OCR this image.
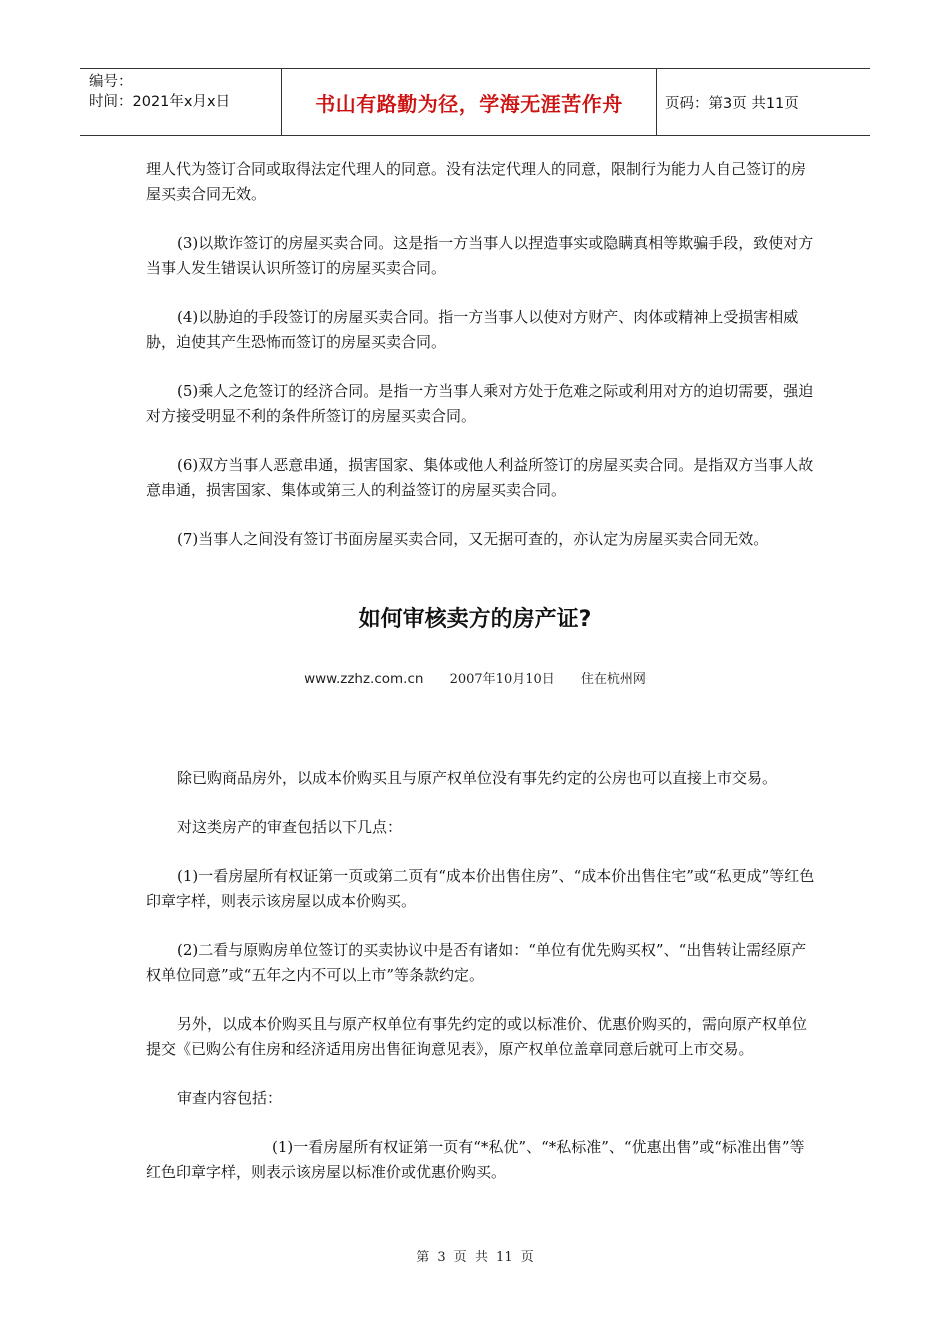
编号：
时间：2021年x月x日	书山有路勤为径，学海无涯苦作舟	页码：第3页 共11页

理人代为签订合同或取得法定代理人的同意。没有法定代理人的同意，限制行为能力人自己签订的房屋买卖合同无效。

(3)以欺诈签订的房屋买卖合同。这是指一方当事人以捏造事实或隐瞒真相等欺骗手段，致使对方当事人发生错误认识所签订的房屋买卖合同。

(4)以胁迫的手段签订的房屋买卖合同。指一方当事人以使对方财产、肉体或精神上受损害相威胁，迫使其产生恐怖而签订的房屋买卖合同。

(5)乘人之危签订的经济合同。是指一方当事人乘对方处于危难之际或利用对方的迫切需要，强迫对方接受明显不利的条件所签订的房屋买卖合同。

(6)双方当事人恶意串通，损害国家、集体或他人利益所签订的房屋买卖合同。是指双方当事人故意串通，损害国家、集体或第三人的利益签订的房屋买卖合同。

(7)当事人之间没有签订书面房屋买卖合同，又无据可查的，亦认定为房屋买卖合同无效。

如何审核卖方的房产证?
www.zzhz.com.cn 2007年10月10日 住在杭州网

除已购商品房外，以成本价购买且与原产权单位没有事先约定的公房也可以直接上市交易。

对这类房产的审查包括以下几点：

(1)一看房屋所有权证第一页或第二页有“成本价出售住房”、“成本价出售住宅”或“私更成”等红色印章字样，则表示该房屋以成本价购买。

(2)二看与原购房单位签订的买卖协议中是否有诸如：“单位有优先购买权”、“出售转让需经原产权单位同意”或“五年之内不可以上市”等条款约定。

另外，以成本价购买且与原产权单位有事先约定的或以标准价、优惠价购买的，需向原产权单位提交《已购公有住房和经济适用房出售征询意见表》，原产权单位盖章同意后就可上市交易。

审查内容包括：

(1)一看房屋所有权证第一页有“*私优”、“*私标准”、“优惠出售”或“标准出售”等红色印章字样，则表示该房屋以标准价或优惠价购买。

第 3 页 共 11 页
